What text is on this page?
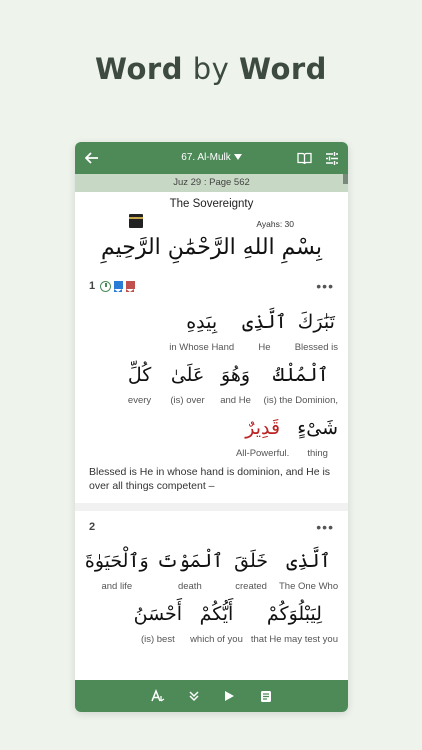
Word by Word
67. Al-Mulk
Juz 29 : Page 562
The Sovereignty
Ayahs: 30
بِسْمِ اللهِ الرَّحْمَٰنِ الرَّحِيمِ
1	•••
تَبَٰرَكَ
Blessed is
ٱلَّذِى
He
بِيَدِهِ
in Whose Hand
ٱلْمُلْكُ
(is) the Dominion,
وَهُوَ
and He
عَلَىٰ
(is) over
كُلِّ
every
شَىْءٍ
thing
قَدِيرٌ
All-Powerful.
Blessed is He in whose hand is dominion, and He is over all things competent –
2	•••
ٱلَّذِى
The One Who
خَلَقَ
created
ٱلْمَوْتَ
death
وَٱلْحَيَوٰةَ
and life
لِيَبْلُوَكُمْ
that He may test you
أَيُّكُمْ
which of you
أَحْسَنُ
(is) best
